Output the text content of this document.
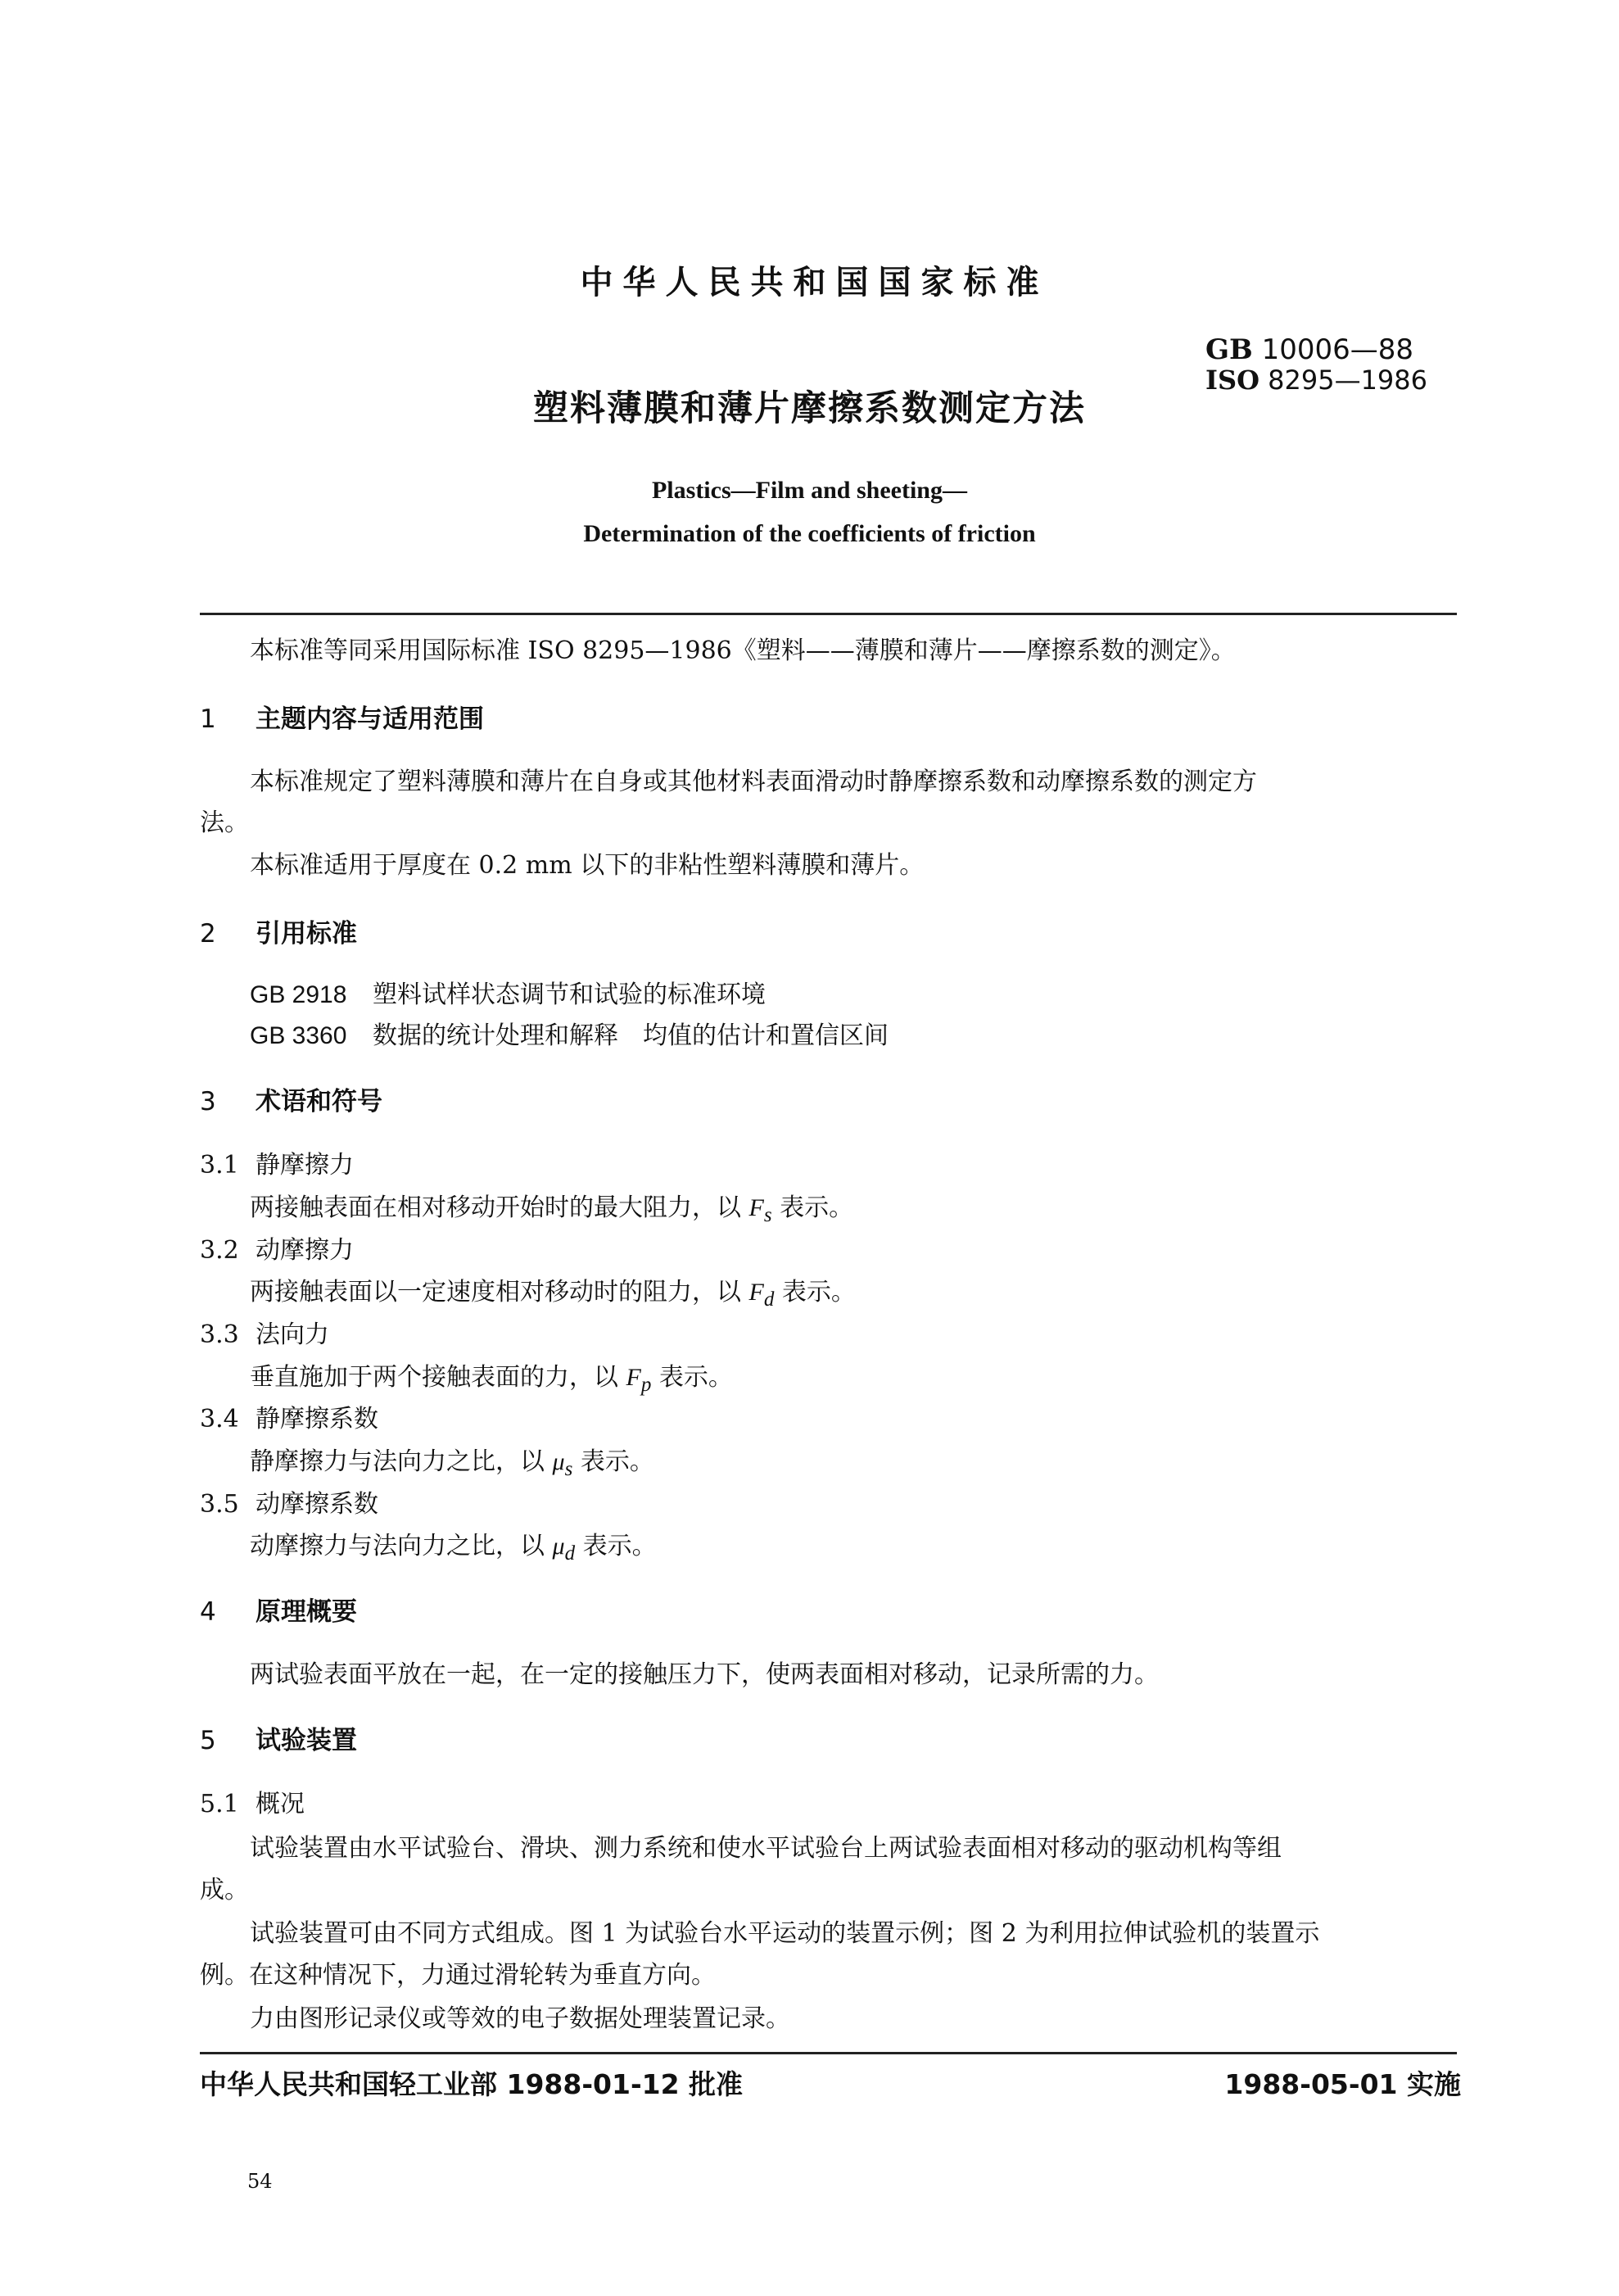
中华人民共和国国家标准
塑料薄膜和薄片摩擦系数测定方法
GB 10006—88
ISO 8295—1986
Plastics—Film and sheeting—
Determination of the coefficients of friction
本标准等同采用国际标准 ISO 8295—1986《塑料——薄膜和薄片——摩擦系数的测定》。
1 主题内容与适用范围
本标准规定了塑料薄膜和薄片在自身或其他材料表面滑动时静摩擦系数和动摩擦系数的测定方
法。
本标准适用于厚度在 0.2 mm 以下的非粘性塑料薄膜和薄片。
2 引用标准
GB 2918 塑料试样状态调节和试验的标准环境
GB 3360 数据的统计处理和解释　均值的估计和置信区间
3 术语和符号
3.1 静摩擦力
两接触表面在相对移动开始时的最大阻力，以 $F_s$ 表示。
3.2 动摩擦力
两接触表面以一定速度相对移动时的阻力，以 $F_d$ 表示。
3.3 法向力
垂直施加于两个接触表面的力，以 $F_p$ 表示。
3.4 静摩擦系数
静摩擦力与法向力之比，以 $\mu_s$ 表示。
3.5 动摩擦系数
动摩擦力与法向力之比，以 $\mu_d$ 表示。
4 原理概要
两试验表面平放在一起，在一定的接触压力下，使两表面相对移动，记录所需的力。
5 试验装置
5.1 概况
试验装置由水平试验台、滑块、测力系统和使水平试验台上两试验表面相对移动的驱动机构等组
成。
试验装置可由不同方式组成。图 1 为试验台水平运动的装置示例；图 2 为利用拉伸试验机的装置示
例。在这种情况下，力通过滑轮转为垂直方向。
力由图形记录仪或等效的电子数据处理装置记录。
中华人民共和国轻工业部 1988-01-12 批准	1988-05-01 实施
54
